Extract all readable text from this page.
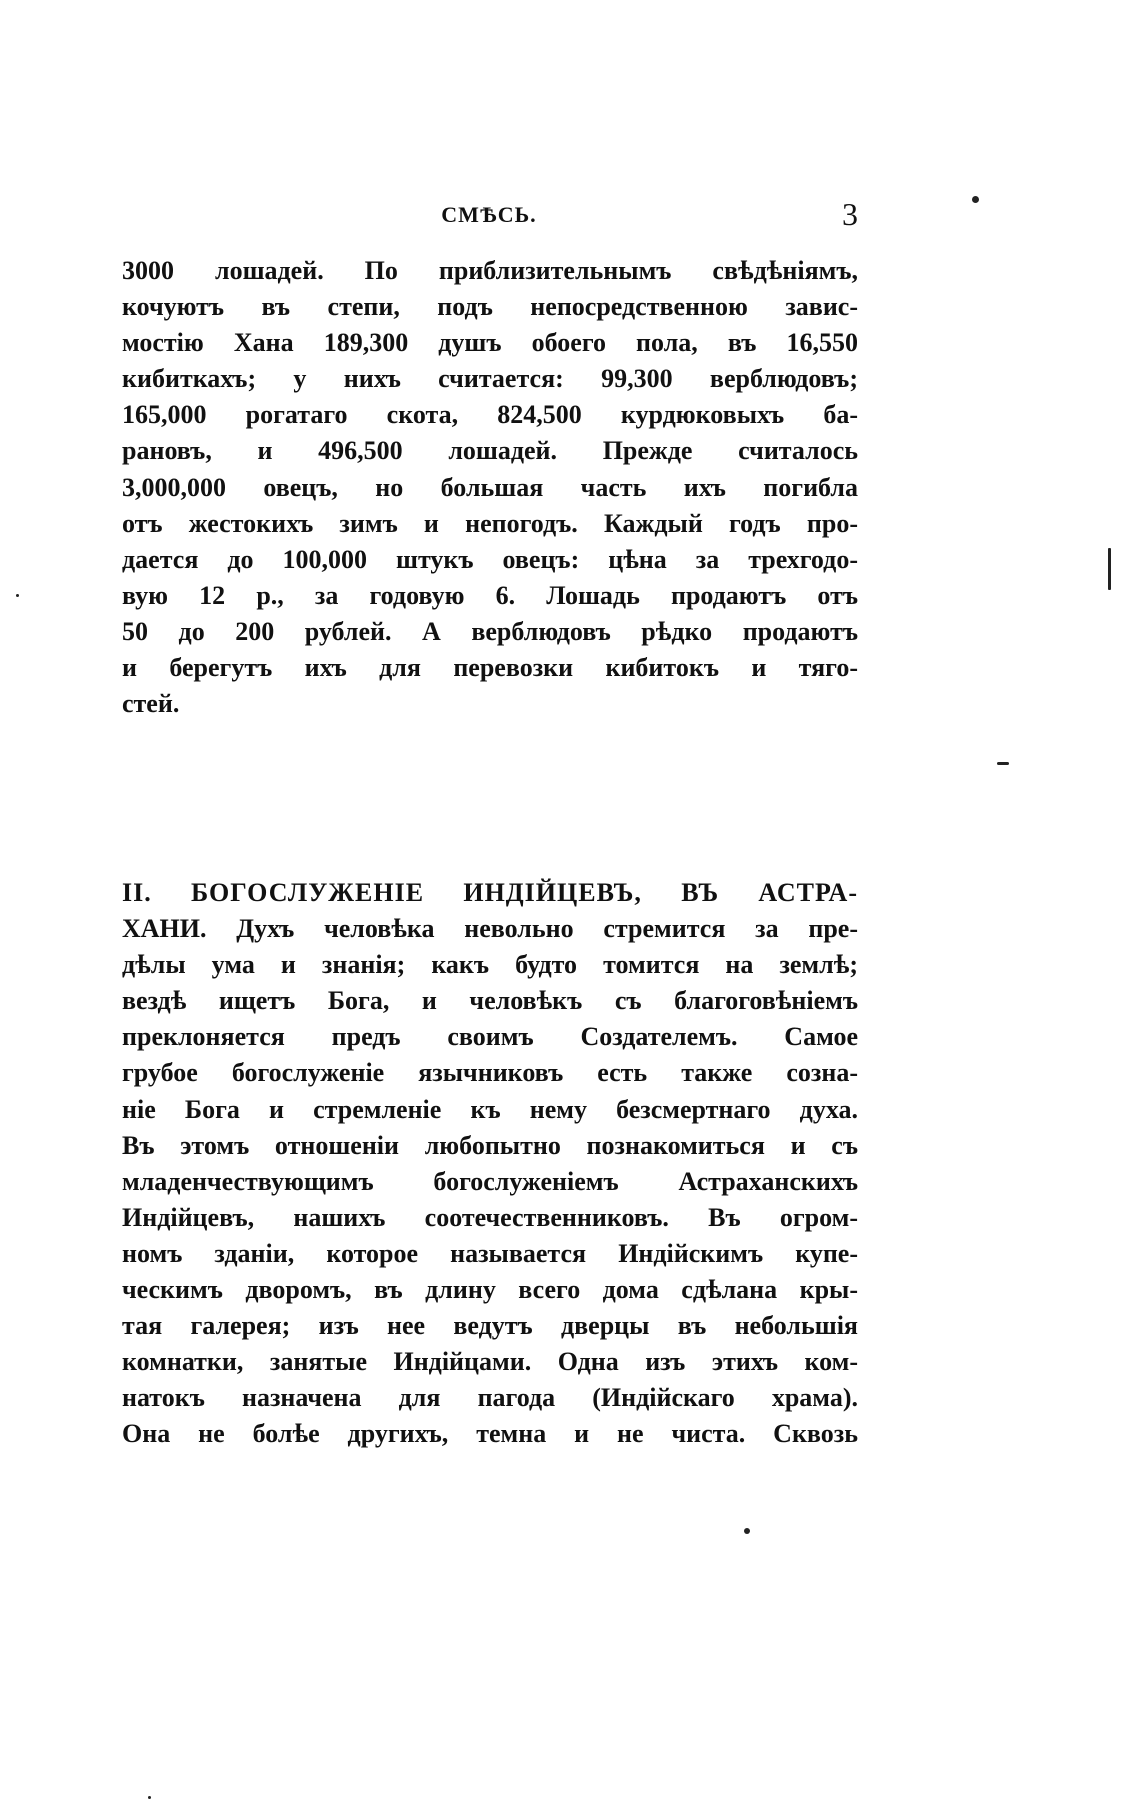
СМѢСЬ.	3
3000 лошадей. По приблизительнымъ свѣдѣніямъ,
кочуютъ въ степи, подъ непосредственною завис-
мостію Хана 189,300 душъ обоего пола, въ 16,550
кибиткахъ; у нихъ считается: 99,300 верблюдовъ;
165,000 рогатаго скота, 824,500 курдюковыхъ ба-
рановъ, и 496,500 лошадей. Прежде считалось
3,000,000 овецъ, но большая часть ихъ погибла
отъ жестокихъ зимъ и непогодъ. Каждый годъ про-
дается до 100,000 штукъ овецъ: цѣна за трехгодо-
вую 12 р., за годовую 6. Лошадь продаютъ отъ
50 до 200 рублей. А верблюдовъ рѣдко продаютъ
и берегутъ ихъ для перевозки кибитокъ и тяго-
стей.
II. БОГОСЛУЖЕНІЕ ИНДІЙЦЕВЪ, ВЪ АСТРА-
ХАНИ. Духъ человѣка невольно стремится за пре-
дѣлы ума и знанія; какъ будто томится на землѣ;
вездѣ ищетъ Бога, и человѣкъ съ благоговѣніемъ
преклоняется предъ своимъ Создателемъ. Самое
грубое богослуженіе язычниковъ есть также созна-
ніе Бога и стремленіе къ нему безсмертнаго духа.
Въ этомъ отношеніи любопытно познакомиться и съ
младенчествующимъ богослуженіемъ Астраханскихъ
Индійцевъ, нашихъ соотечественниковъ. Въ огром-
номъ зданіи, которое называется Индійскимъ купе-
ческимъ дворомъ, въ длину всего дома сдѣлана кры-
тая галерея; изъ нее ведутъ дверцы въ небольшія
комнатки, занятые Индійцами. Одна изъ этихъ ком-
натокъ назначена для пагода (Индійскаго храма).
Она не болѣе другихъ, темна и не чиста. Сквозь
